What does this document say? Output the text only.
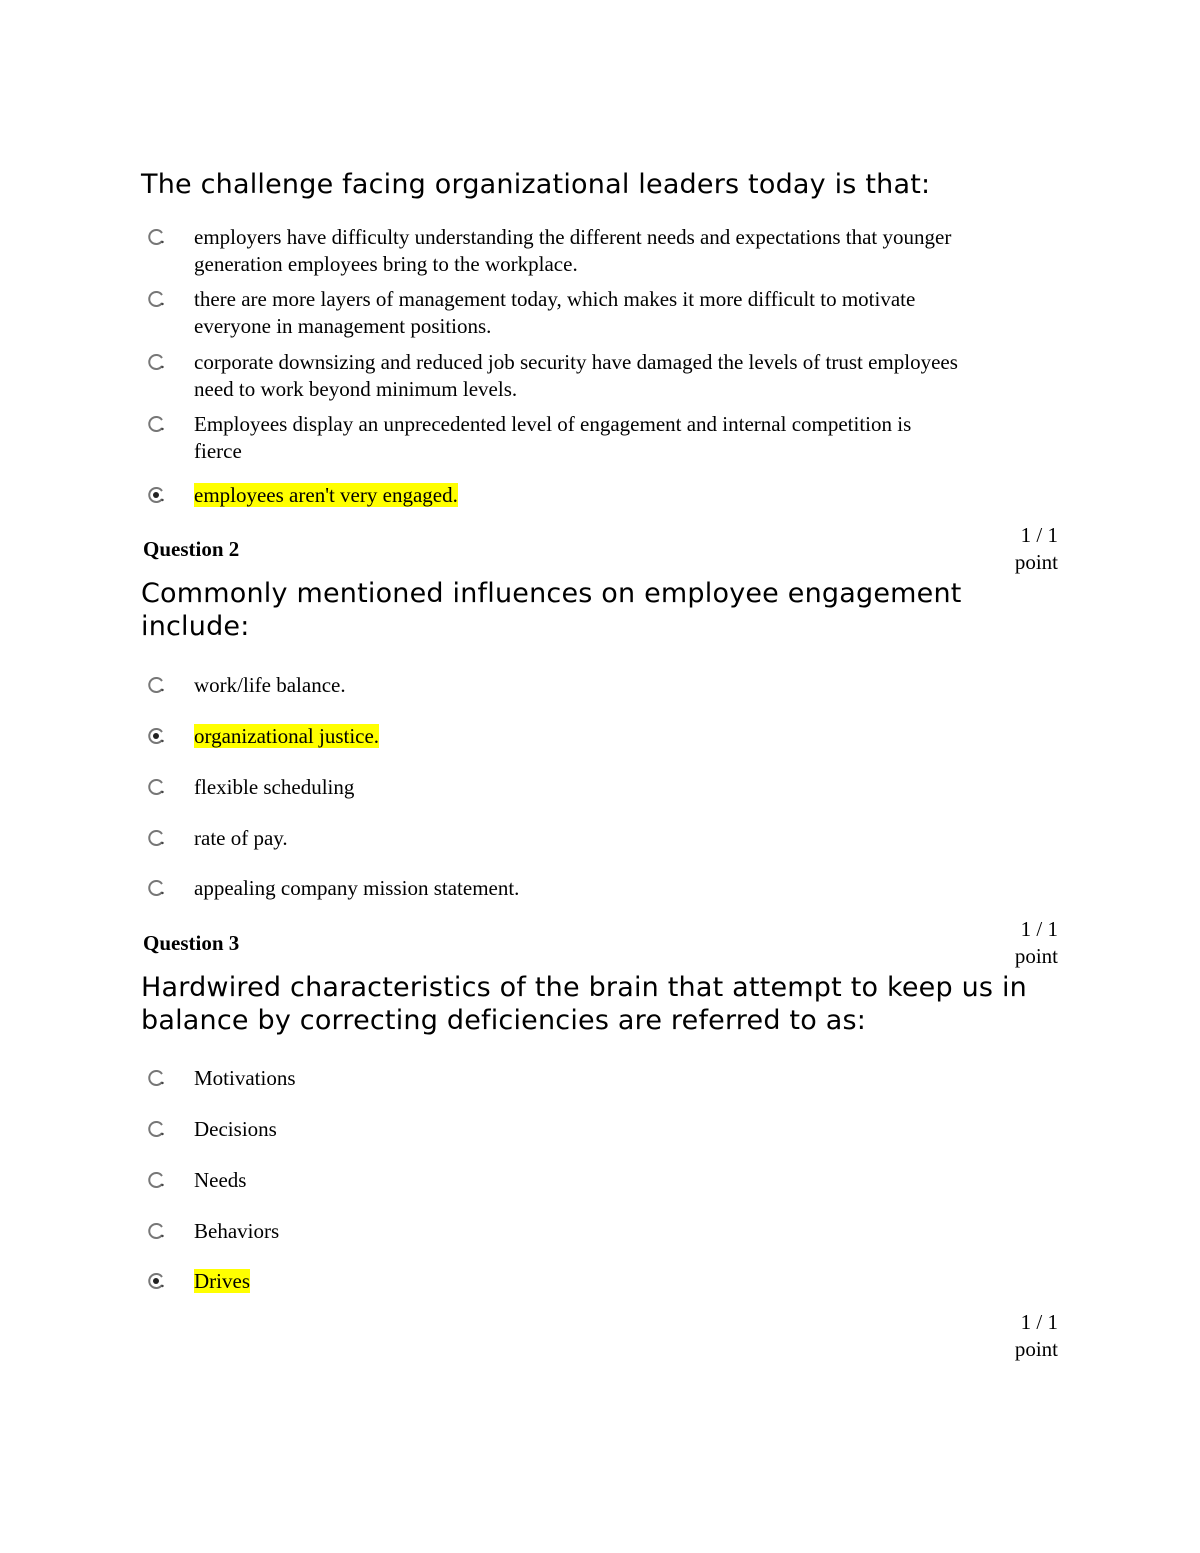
The challenge facing organizational leaders today is that:
employers have difficulty understanding the different needs and expectations that younger generation employees bring to the workplace.
there are more layers of management today, which makes it more difficult to motivate everyone in management positions.
corporate downsizing and reduced job security have damaged the levels of trust employees need to work beyond minimum levels.
Employees display an unprecedented level of engagement and internal competition is fierce
employees aren't very engaged.
Question 2
1 / 1
point
Commonly mentioned influences on employee engagement include:
work/life balance.
organizational justice.
flexible scheduling
rate of pay.
appealing company mission statement.
Question 3
1 / 1
point
Hardwired characteristics of the brain that attempt to keep us in balance by correcting deficiencies are referred to as:
Motivations
Decisions
Needs
Behaviors
Drives
1 / 1
point
